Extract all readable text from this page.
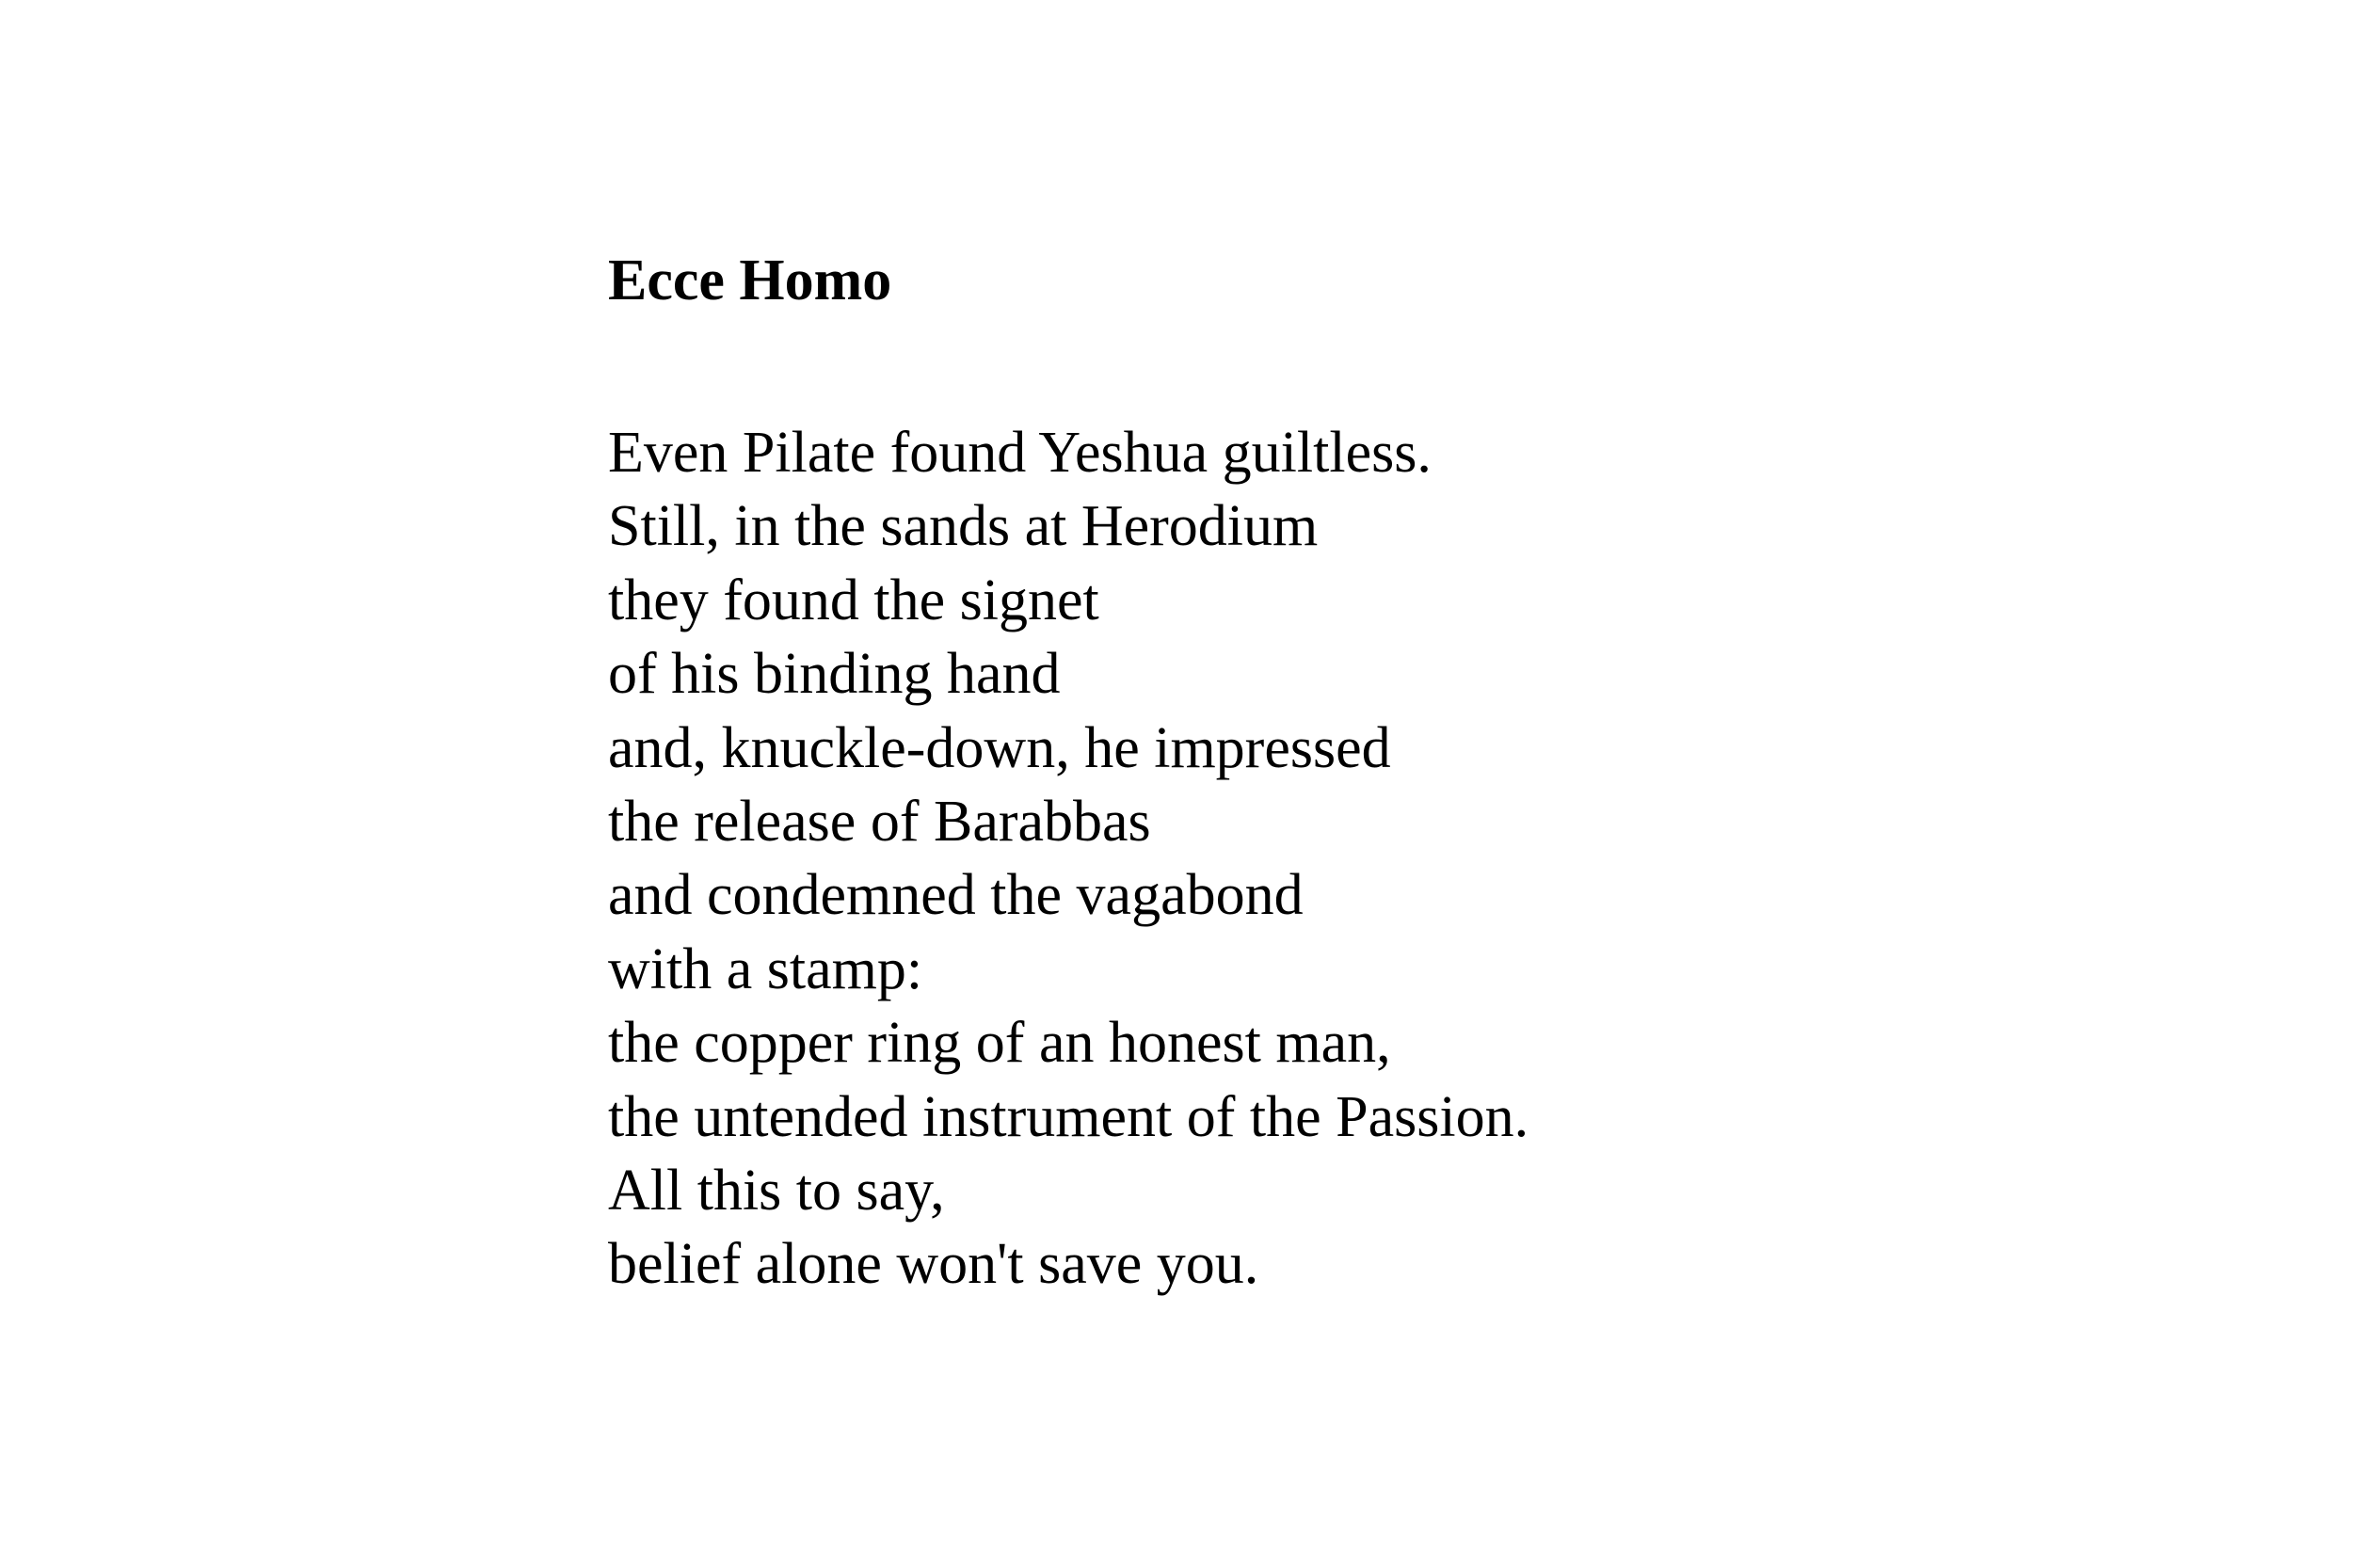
Ecce Homo
Even Pilate found Yeshua guiltless.
Still, in the sands at Herodium
they found the signet
of his binding hand
and, knuckle-down, he impressed
the release of Barabbas
and condemned the vagabond
with a stamp:
the copper ring of an honest man,
the untended instrument of the Passion.
All this to say,
belief alone won't save you.
